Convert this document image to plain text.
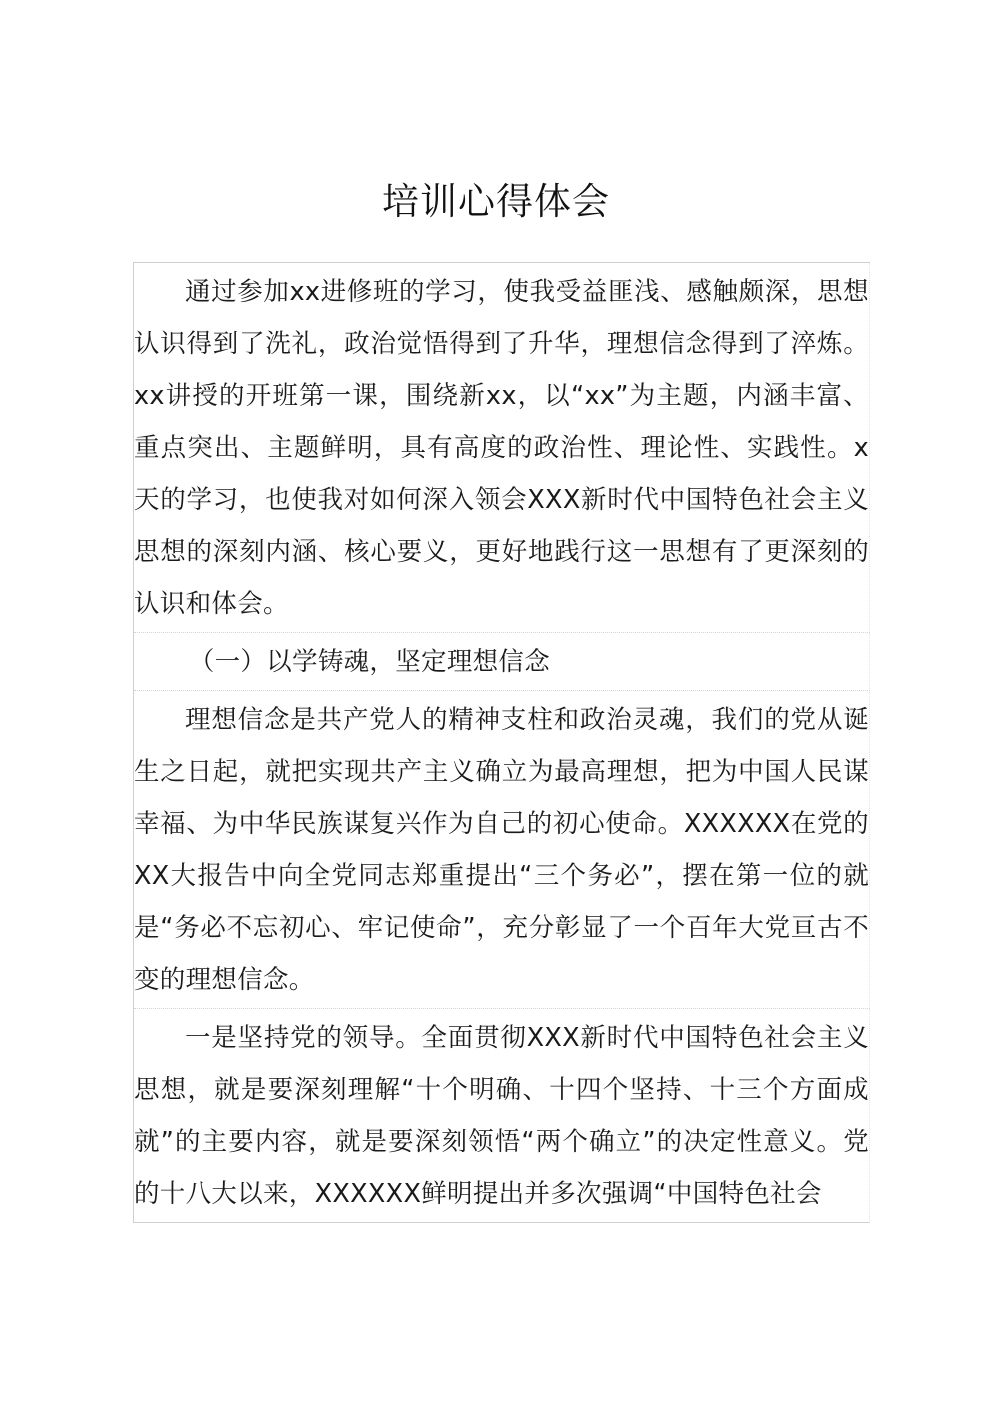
培训心得体会

通过参加xx进修班的学习，使我受益匪浅、感触颇深，思想认识得到了洗礼，政治觉悟得到了升华，理想信念得到了淬炼。xx讲授的开班第一课，围绕新xx，以“xx”为主题，内涵丰富、重点突出、主题鲜明，具有高度的政治性、理论性、实践性。x天的学习，也使我对如何深入领会XXX新时代中国特色社会主义思想的深刻内涵、核心要义，更好地践行这一思想有了更深刻的认识和体会。

（一）以学铸魂，坚定理想信念

理想信念是共产党人的精神支柱和政治灵魂，我们的党从诞生之日起，就把实现共产主义确立为最高理想，把为中国人民谋幸福、为中华民族谋复兴作为自己的初心使命。XXXXXX在党的XX大报告中向全党同志郑重提出“三个务必”，摆在第一位的就是“务必不忘初心、牢记使命”，充分彰显了一个百年大党亘古不变的理想信念。

一是坚持党的领导。全面贯彻XXX新时代中国特色社会主义思想，就是要深刻理解“十个明确、十四个坚持、十三个方面成就”的主要内容，就是要深刻领悟“两个确立”的决定性意义。党的十八大以来，XXXXXX鲜明提出并多次强调“中国特色社会
